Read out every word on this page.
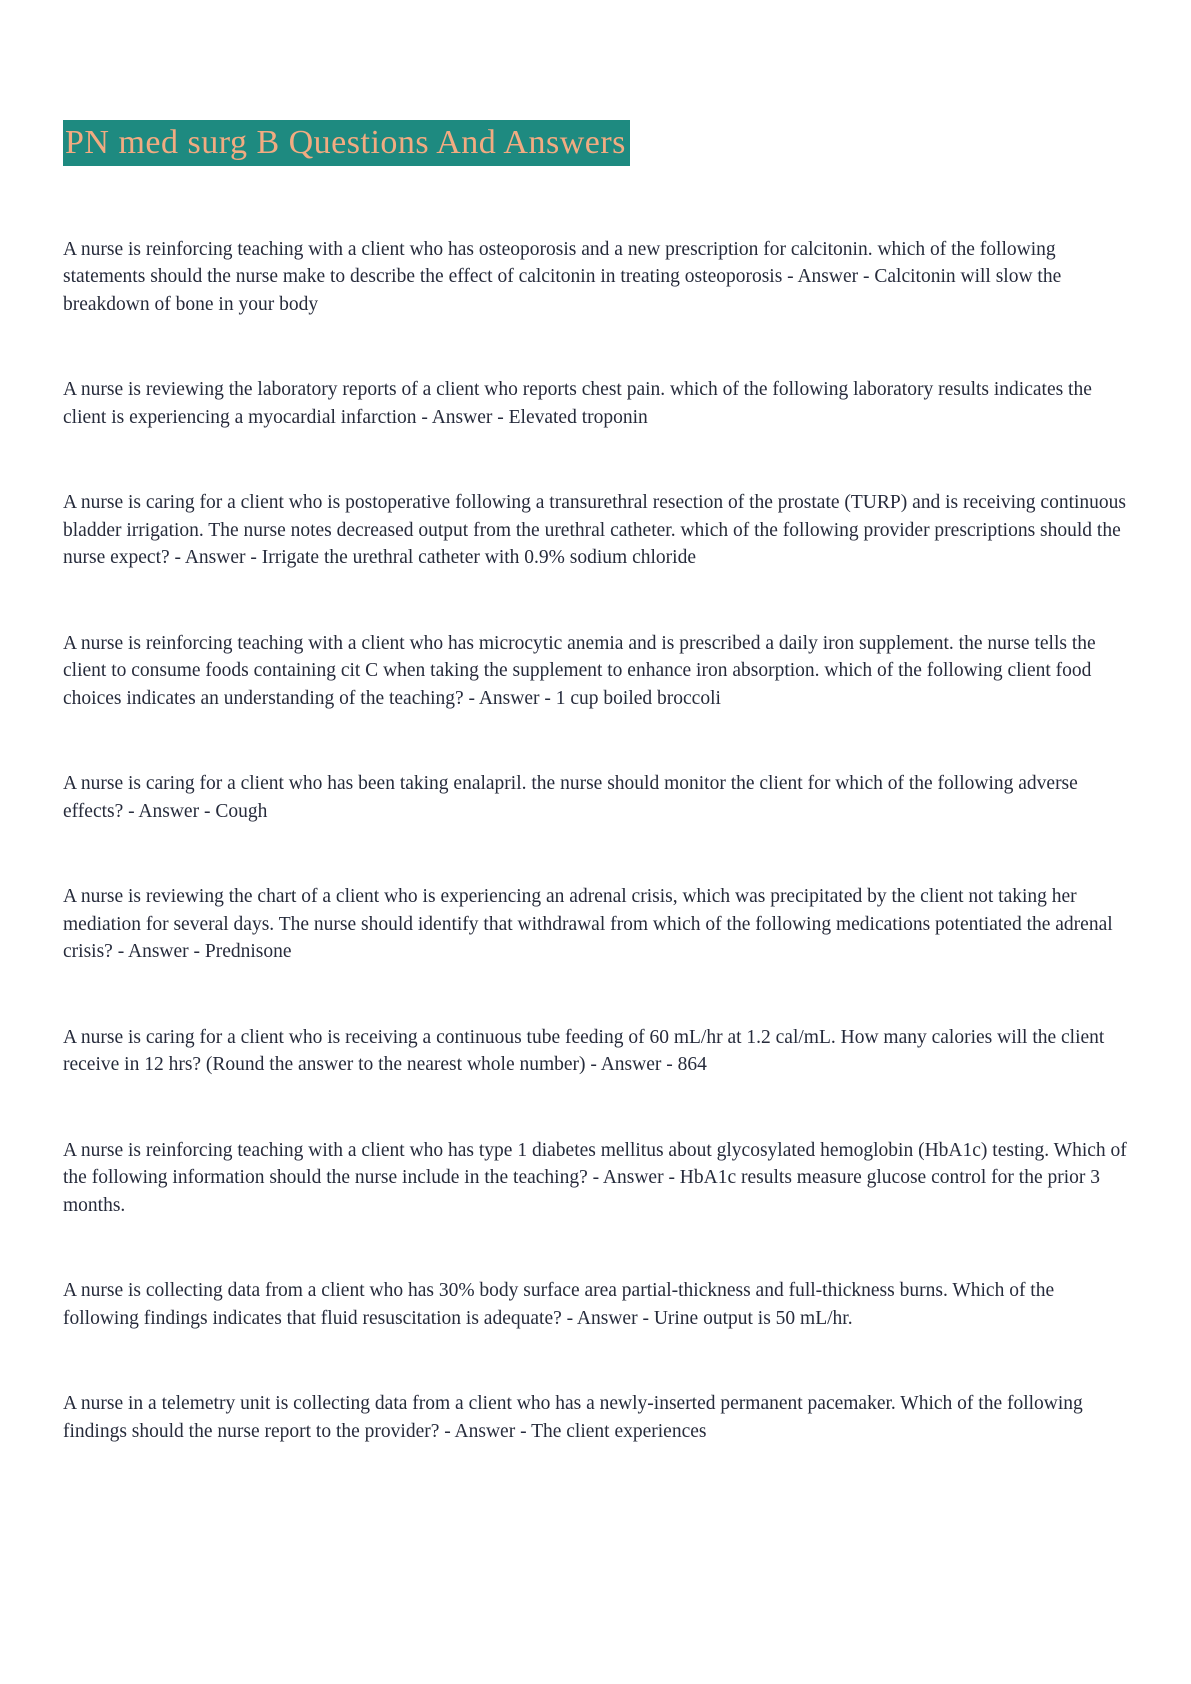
PN med surg B Questions And Answers

A nurse is reinforcing teaching with a client who has osteoporosis and a new prescription for calcitonin. which of the following statements should the nurse make to describe the effect of calcitonin in treating osteoporosis - Answer - Calcitonin will slow the breakdown of bone in your body

A nurse is reviewing the laboratory reports of a client who reports chest pain. which of the following laboratory results indicates the client is experiencing a myocardial infarction - Answer - Elevated troponin

A nurse is caring for a client who is postoperative following a transurethral resection of the prostate (TURP) and is receiving continuous bladder irrigation. The nurse notes decreased output from the urethral catheter. which of the following provider prescriptions should the nurse expect? - Answer - Irrigate the urethral catheter with 0.9% sodium chloride

A nurse is reinforcing teaching with a client who has microcytic anemia and is prescribed a daily iron supplement. the nurse tells the client to consume foods containing cit C when taking the supplement to enhance iron absorption. which of the following client food choices indicates an understanding of the teaching? - Answer - 1 cup boiled broccoli

A nurse is caring for a client who has been taking enalapril. the nurse should monitor the client for which of the following adverse effects? - Answer - Cough

A nurse is reviewing the chart of a client who is experiencing an adrenal crisis, which was precipitated by the client not taking her mediation for several days. The nurse should identify that withdrawal from which of the following medications potentiated the adrenal crisis? - Answer - Prednisone

A nurse is caring for a client who is receiving a continuous tube feeding of 60 mL/hr at 1.2 cal/mL. How many calories will the client receive in 12 hrs? (Round the answer to the nearest whole number) - Answer - 864

A nurse is reinforcing teaching with a client who has type 1 diabetes mellitus about glycosylated hemoglobin (HbA1c) testing. Which of the following information should the nurse include in the teaching? - Answer - HbA1c results measure glucose control for the prior 3 months.

A nurse is collecting data from a client who has 30% body surface area partial-thickness and full-thickness burns. Which of the following findings indicates that fluid resuscitation is adequate? - Answer - Urine output is 50 mL/hr.

A nurse in a telemetry unit is collecting data from a client who has a newly-inserted permanent pacemaker. Which of the following findings should the nurse report to the provider? - Answer - The client experiences
